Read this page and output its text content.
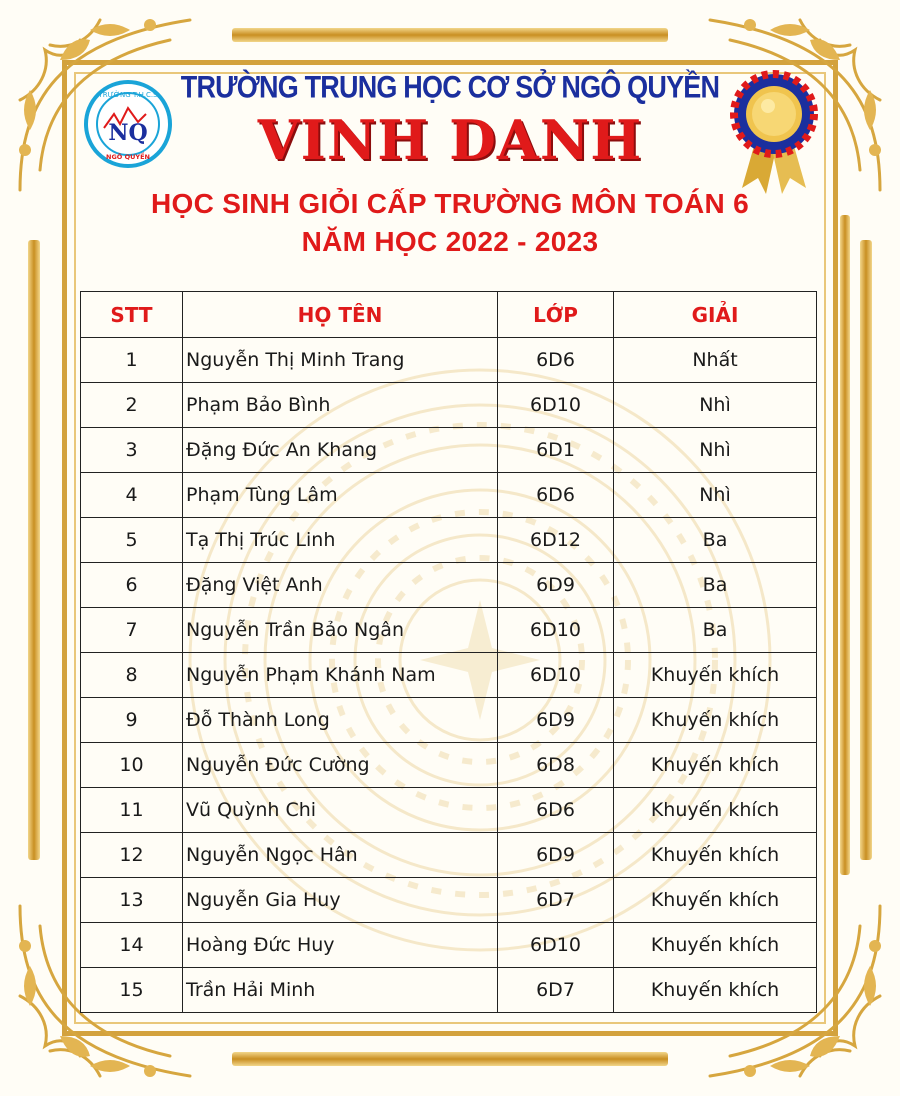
TRƯỜNG T.H.C.S
NQ
NGÔ QUYỀN
TRƯỜNG TRUNG HỌC CƠ SỞ NGÔ QUYỀN
VINH DANH
HỌC SINH GIỎI CẤP TRƯỜNG MÔN TOÁN 6
NĂM HỌC 2022 - 2023
STT	HỌ TÊN	LỚP	GIẢI
1	Nguyễn Thị Minh Trang	6D6	Nhất
2	Phạm Bảo Bình	6D10	Nhì
3	Đặng Đức An Khang	6D1	Nhì
4	Phạm Tùng Lâm	6D6	Nhì
5	Tạ Thị Trúc Linh	6D12	Ba
6	Đặng Việt Anh	6D9	Ba
7	Nguyễn Trần Bảo Ngân	6D10	Ba
8	Nguyễn Phạm Khánh Nam	6D10	Khuyến khích
9	Đỗ Thành Long	6D9	Khuyến khích
10	Nguyễn Đức Cường	6D8	Khuyến khích
11	Vũ Quỳnh Chi	6D6	Khuyến khích
12	Nguyễn Ngọc Hân	6D9	Khuyến khích
13	Nguyễn Gia Huy	6D7	Khuyến khích
14	Hoàng Đức Huy	6D10	Khuyến khích
15	Trần Hải Minh	6D7	Khuyến khích
